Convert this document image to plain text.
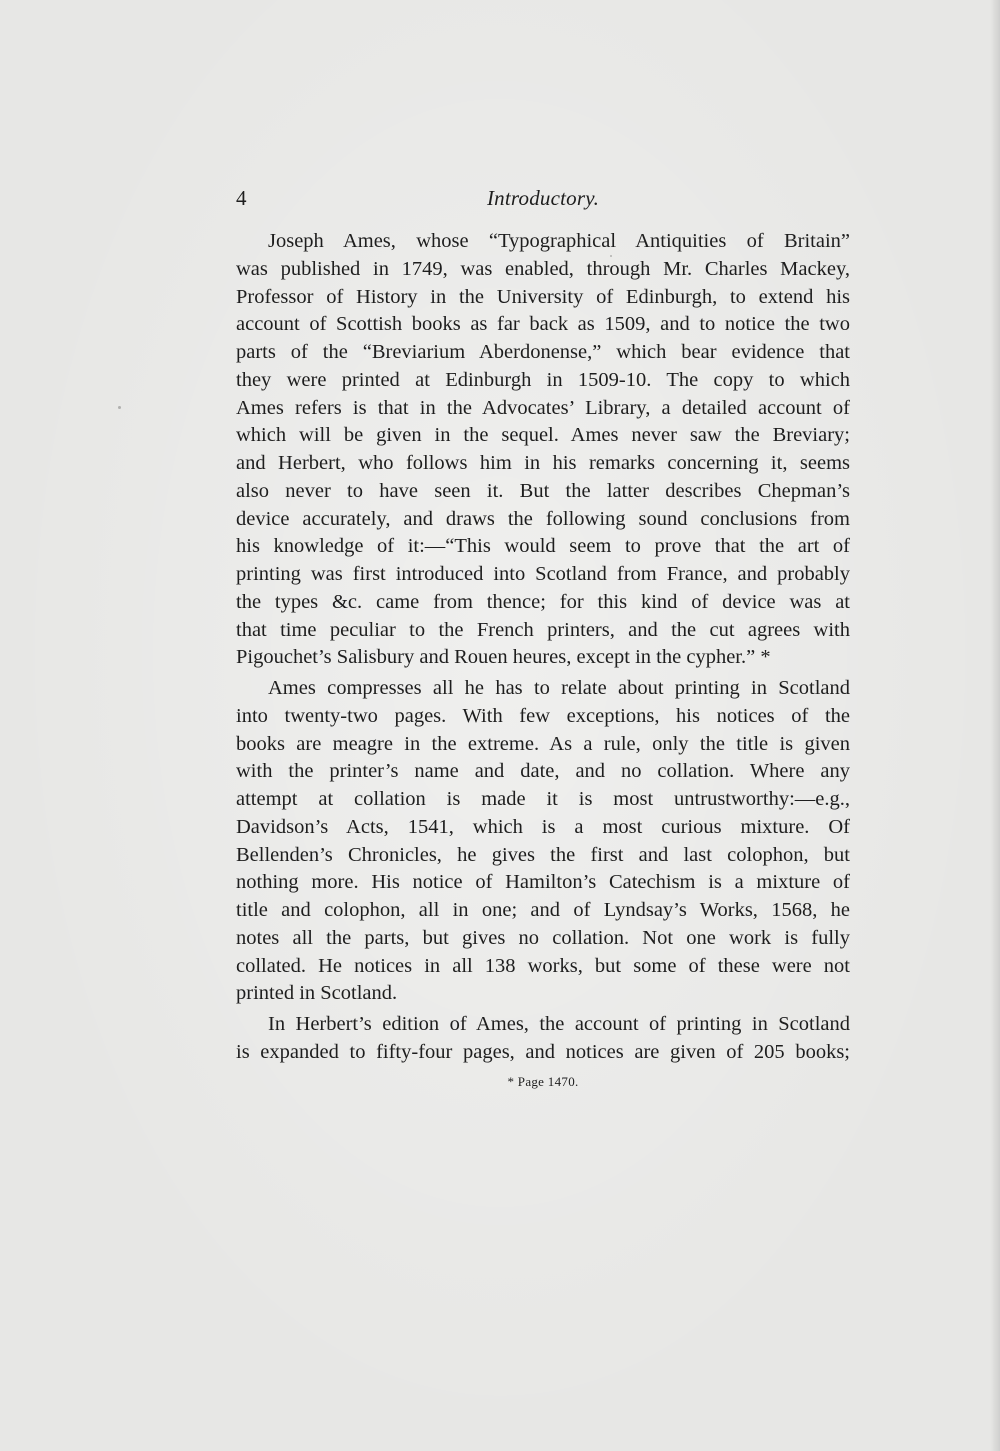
4	Introductory.
Joseph Ames, whose “Typographical Antiquities of Britain”
was published in 1749, was enabled, through Mr. Charles Mackey,
Professor of History in the University of Edinburgh, to extend his
account of Scottish books as far back as 1509, and to notice the two
parts of the “Breviarium Aberdonense,” which bear evidence that
they were printed at Edinburgh in 1509-10. The copy to which
Ames refers is that in the Advocates’ Library, a detailed account of
which will be given in the sequel. Ames never saw the Breviary;
and Herbert, who follows him in his remarks concerning it, seems
also never to have seen it. But the latter describes Chepman’s
device accurately, and draws the following sound conclusions from
his knowledge of it:—“This would seem to prove that the art of
printing was first introduced into Scotland from France, and probably
the types &c. came from thence; for this kind of device was at
that time peculiar to the French printers, and the cut agrees with
Pigouchet’s Salisbury and Rouen heures, except in the cypher.” *
Ames compresses all he has to relate about printing in Scotland
into twenty-two pages. With few exceptions, his notices of the
books are meagre in the extreme. As a rule, only the title is given
with the printer’s name and date, and no collation. Where any
attempt at collation is made it is most untrustworthy:—e.g.,
Davidson’s Acts, 1541, which is a most curious mixture. Of
Bellenden’s Chronicles, he gives the first and last colophon, but
nothing more. His notice of Hamilton’s Catechism is a mixture of
title and colophon, all in one; and of Lyndsay’s Works, 1568, he
notes all the parts, but gives no collation. Not one work is fully
collated. He notices in all 138 works, but some of these were not
printed in Scotland.
In Herbert’s edition of Ames, the account of printing in Scotland
is expanded to fifty-four pages, and notices are given of 205 books;
* Page 1470.
